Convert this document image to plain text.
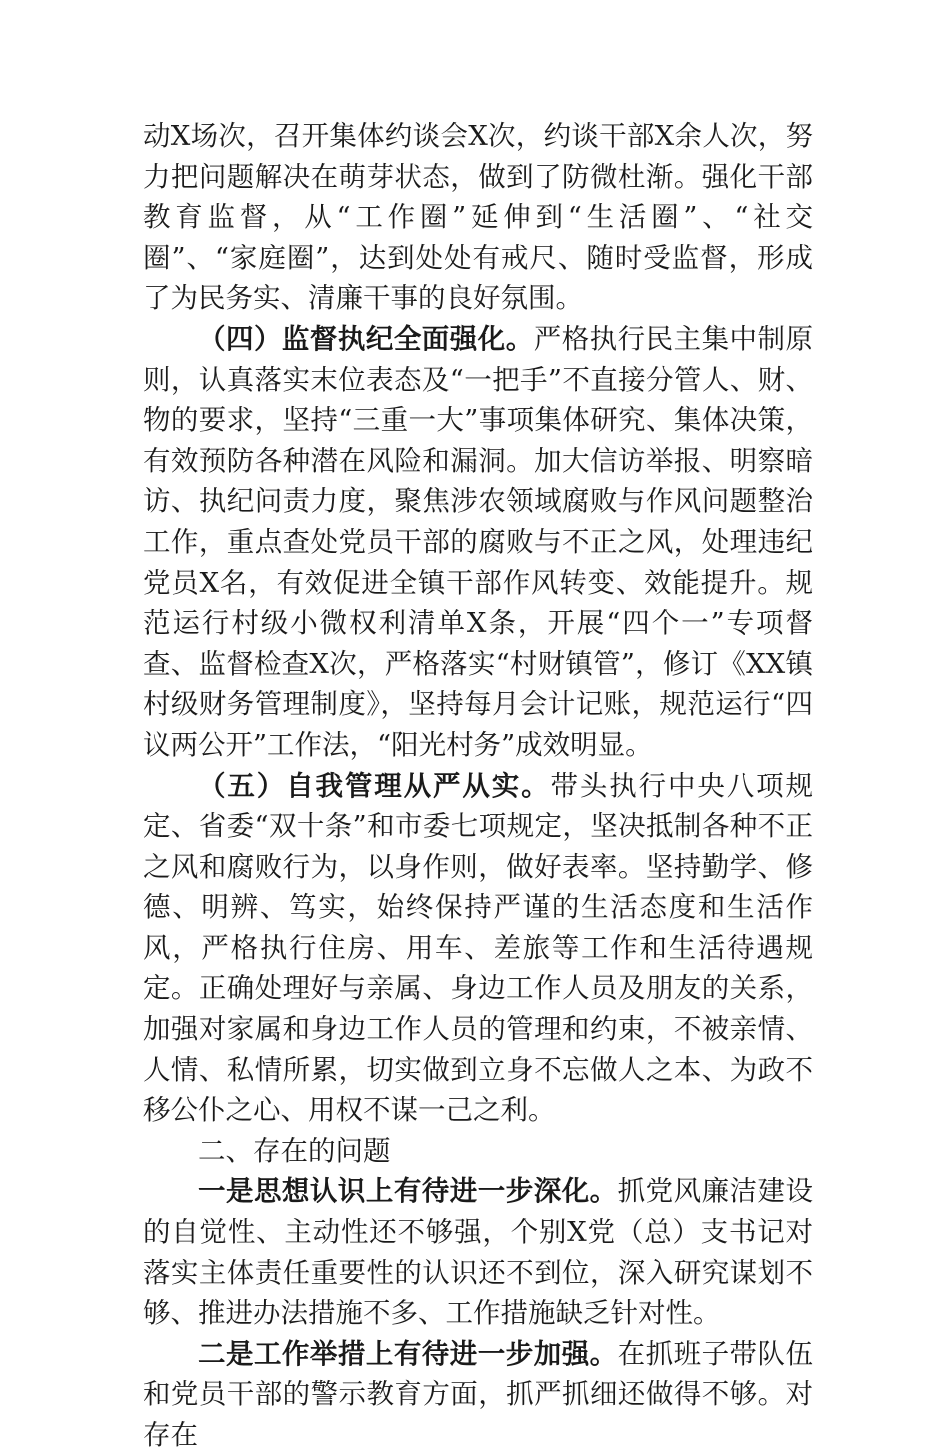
动X场次，召开集体约谈会X次，约谈干部X余人次，努力把问题解决在萌芽状态，做到了防微杜渐。强化干部教育监督，从“工作圈”延伸到“生活圈”、“社交圈”、“家庭圈”，达到处处有戒尺、随时受监督，形成了为民务实、清廉干事的良好氛围。

（四）监督执纪全面强化。严格执行民主集中制原则，认真落实末位表态及“一把手”不直接分管人、财、物的要求，坚持“三重一大”事项集体研究、集体决策，有效预防各种潜在风险和漏洞。加大信访举报、明察暗访、执纪问责力度，聚焦涉农领域腐败与作风问题整治工作，重点查处党员干部的腐败与不正之风，处理违纪党员X名，有效促进全镇干部作风转变、效能提升。规范运行村级小微权利清单X条，开展“四个一”专项督查、监督检查X次，严格落实“村财镇管”，修订《XX镇村级财务管理制度》，坚持每月会计记账，规范运行“四议两公开”工作法，“阳光村务”成效明显。

（五）自我管理从严从实。带头执行中央八项规定、省委“双十条”和市委七项规定，坚决抵制各种不正之风和腐败行为，以身作则，做好表率。坚持勤学、修德、明辨、笃实，始终保持严谨的生活态度和生活作风，严格执行住房、用车、差旅等工作和生活待遇规定。正确处理好与亲属、身边工作人员及朋友的关系，加强对家属和身边工作人员的管理和约束，不被亲情、人情、私情所累，切实做到立身不忘做人之本、为政不移公仆之心、用权不谋一己之利。

二、存在的问题

一是思想认识上有待进一步深化。抓党风廉洁建设的自觉性、主动性还不够强，个别X党（总）支书记对落实主体责任重要性的认识还不到位，深入研究谋划不够、推进办法措施不多、工作措施缺乏针对性。

二是工作举措上有待进一步加强。在抓班子带队伍和党员干部的警示教育方面，抓严抓细还做得不够。对存在
